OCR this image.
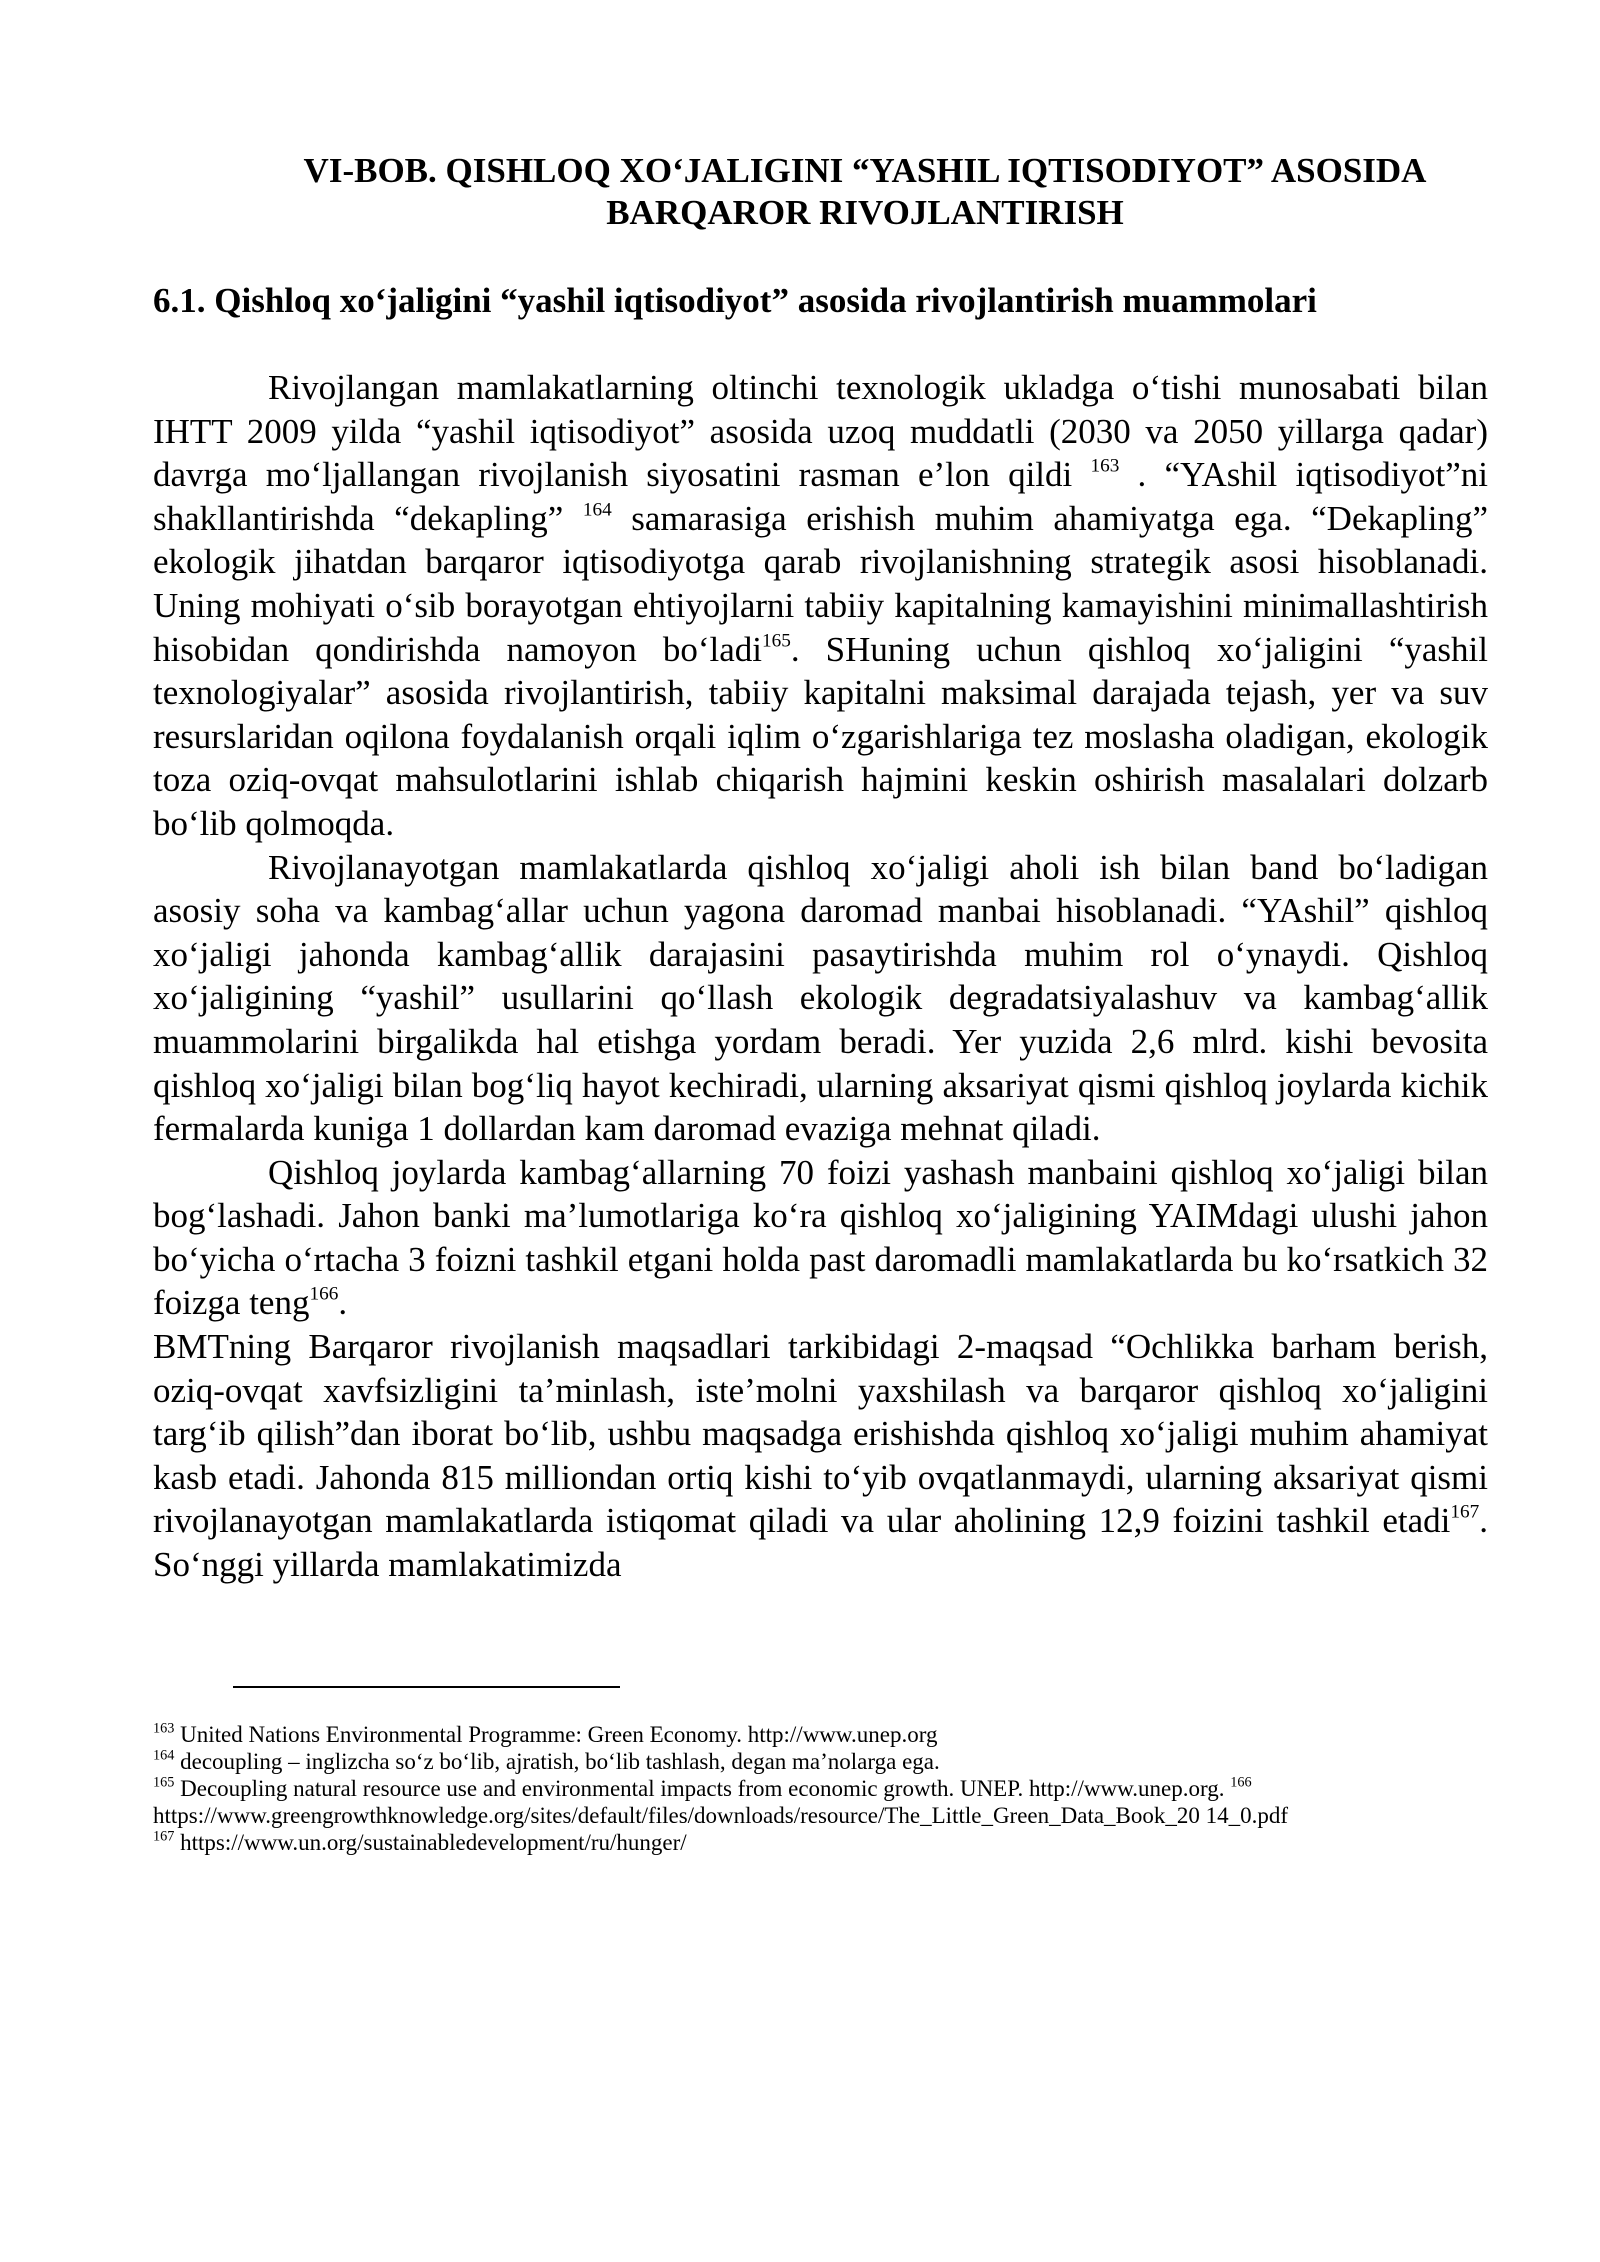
VI-BOB. QISHLOQ XO‘JALIGINI “YASHIL IQTISODIYOT” ASOSIDA
BARQAROR RIVOJLANTIRISH
6.1. Qishloq xo‘jaligini “yashil iqtisodiyot” asosida rivojlantirish muammolari

Rivojlangan mamlakatlarning oltinchi texnologik ukladga o‘tishi munosabati bilan IHTT 2009 yilda “yashil iqtisodiyot” asosida uzoq muddatli (2030 va 2050 yillarga qadar) davrga mo‘ljallangan rivojlanish siyosatini rasman e’lon qildi $^{163}$ . “YAshil iqtisodiyot”ni shakllantirishda “dekapling” $^{164}$ samarasiga erishish muhim ahamiyatga ega. “Dekapling” ekologik jihatdan barqaror iqtisodiyotga qarab rivojlanishning strategik asosi hisoblanadi. Uning mohiyati o‘sib borayotgan ehtiyojlarni tabiiy kapitalning kamayishini minimallashtirish hisobidan qondirishda namoyon bo‘ladi$^{165}$. SHuning uchun qishloq xo‘jaligini “yashil texnologiyalar” asosida rivojlantirish, tabiiy kapitalni maksimal darajada tejash, yer va suv resurslaridan oqilona foydalanish orqali iqlim o‘zgarishlariga tez moslasha oladigan, ekologik toza oziq-ovqat mahsulotlarini ishlab chiqarish hajmini keskin oshirish masalalari dolzarb bo‘lib qolmoqda.

Rivojlanayotgan mamlakatlarda qishloq xo‘jaligi aholi ish bilan band bo‘ladigan asosiy soha va kambag‘allar uchun yagona daromad manbai hisoblanadi. “YAshil” qishloq xo‘jaligi jahonda kambag‘allik darajasini pasaytirishda muhim rol o‘ynaydi. Qishloq xo‘jaligining “yashil” usullarini qo‘llash ekologik degradatsiyalashuv va kambag‘allik muammolarini birgalikda hal etishga yordam beradi. Yer yuzida 2,6 mlrd. kishi bevosita qishloq xo‘jaligi bilan bog‘liq hayot kechiradi, ularning aksariyat qismi qishloq joylarda kichik fermalarda kuniga 1 dollardan kam daromad evaziga mehnat qiladi.

Qishloq joylarda kambag‘allarning 70 foizi yashash manbaini qishloq xo‘jaligi bilan bog‘lashadi. Jahon banki ma’lumotlariga ko‘ra qishloq xo‘jaligining YAIMdagi ulushi jahon bo‘yicha o‘rtacha 3 foizni tashkil etgani holda past daromadli mamlakatlarda bu ko‘rsatkich 32 foizga teng$^{166}$.

BMTning Barqaror rivojlanish maqsadlari tarkibidagi 2-maqsad “Ochlikka barham berish, oziq-ovqat xavfsizligini ta’minlash, iste’molni yaxshilash va barqaror qishloq xo‘jaligini targ‘ib qilish”dan iborat bo‘lib, ushbu maqsadga erishishda qishloq xo‘jaligi muhim ahamiyat kasb etadi. Jahonda 815 milliondan ortiq kishi to‘yib ovqatlanmaydi, ularning aksariyat qismi rivojlanayotgan mamlakatlarda istiqomat qiladi va ular aholining 12,9 foizini tashkil etadi$^{167}$. So‘nggi yillarda mamlakatimizda

$^{163}$ United Nations Environmental Programme: Green Economy. http://www.unep.org

$^{164}$ decoupling – inglizcha so‘z bo‘lib, ajratish, bo‘lib tashlash, degan ma’nolarga ega.

$^{165}$ Decoupling natural resource use and environmental impacts from economic growth. UNEP. http://www.unep.org. $^{166}$

https://www.greengrowthknowledge.org/sites/default/files/downloads/resource/The_Little_Green_Data_Book_20 14_0.pdf

$^{167}$ https://www.un.org/sustainabledevelopment/ru/hunger/
